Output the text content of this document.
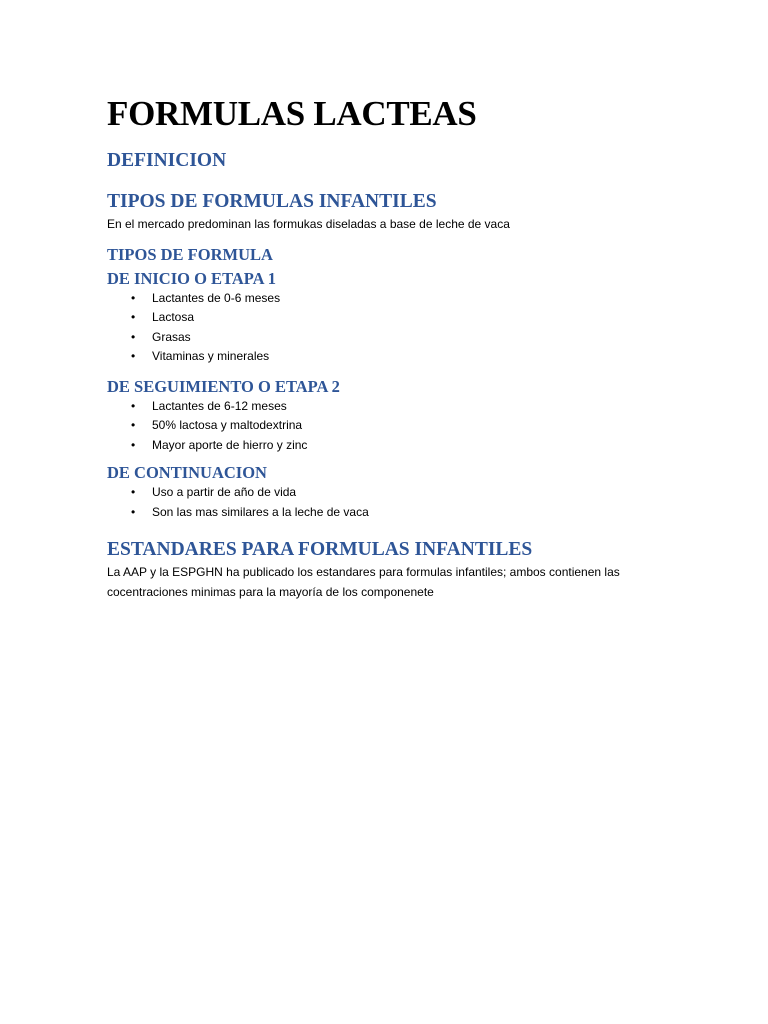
FORMULAS LACTEAS
DEFINICION
TIPOS DE FORMULAS INFANTILES

En el mercado predominan las formukas diseladas a base de leche de vaca

TIPOS DE FORMULA
DE INICIO O ETAPA 1
• Lactantes de 0-6 meses
• Lactosa
• Grasas
• Vitaminas y minerales
DE SEGUIMIENTO O ETAPA 2
• Lactantes de 6-12 meses
• 50% lactosa y maltodextrina
• Mayor aporte de hierro y zinc
DE CONTINUACION
• Uso a partir de año de vida
• Son las mas similares a la leche de vaca
ESTANDARES PARA FORMULAS INFANTILES

La AAP y la ESPGHN ha publicado los estandares para formulas infantiles; ambos contienen las
cocentraciones minimas para la mayoría de los componenete
